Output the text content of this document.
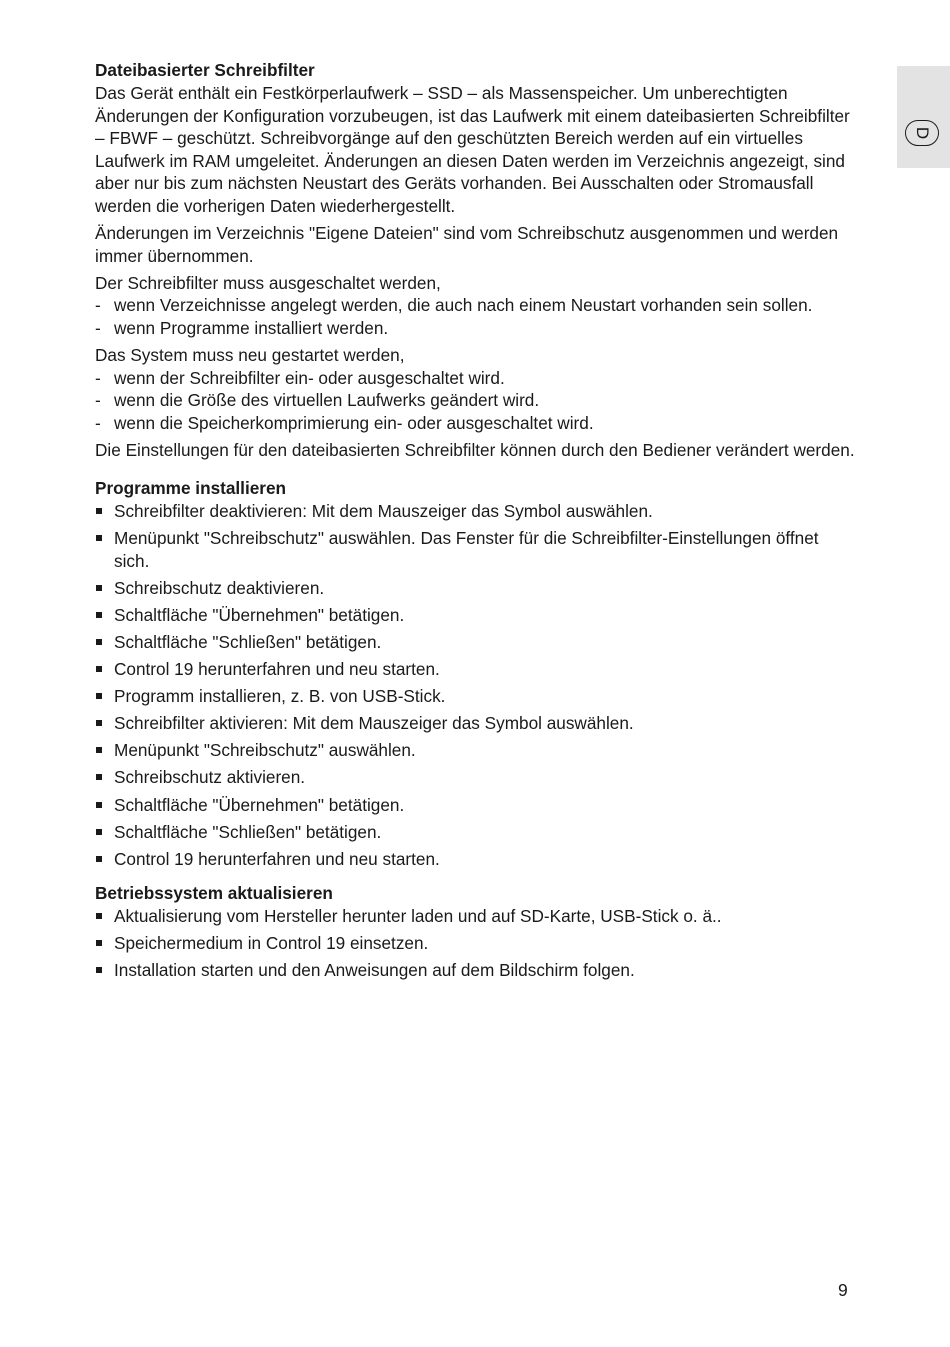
D

Dateibasierter Schreibfilter

Das Gerät enthält ein Festkörperlaufwerk – SSD – als Massenspeicher. Um unberechtigten Änderungen der Konfiguration vorzubeugen, ist das Laufwerk mit einem dateibasierten Schreibfilter – FBWF – geschützt. Schreibvorgänge auf den geschützten Bereich werden auf ein virtuelles Laufwerk im RAM umgeleitet. Änderungen an diesen Daten werden im Verzeichnis angezeigt, sind aber nur bis zum nächsten Neustart des Geräts vorhanden. Bei Ausschalten oder Stromausfall werden die vorherigen Daten wiederhergestellt.

Änderungen im Verzeichnis "Eigene Dateien" sind vom Schreibschutz ausgenommen und werden immer übernommen.

Der Schreibfilter muss ausgeschaltet werden,

- wenn Verzeichnisse angelegt werden, die auch nach einem Neustart vorhanden sein sollen.
- wenn Programme installiert werden.

Das System muss neu gestartet werden,

- wenn der Schreibfilter ein- oder ausgeschaltet wird.
- wenn die Größe des virtuellen Laufwerks geändert wird.
- wenn die Speicherkomprimierung ein- oder ausgeschaltet wird.

Die Einstellungen für den dateibasierten Schreibfilter können durch den Bediener verändert werden.

Programme installieren

Schreibfilter deaktivieren: Mit dem Mauszeiger das Symbol auswählen.
Menüpunkt "Schreibschutz" auswählen. Das Fenster für die Schreibfilter-Einstellungen öffnet sich.
Schreibschutz deaktivieren.
Schaltfläche "Übernehmen" betätigen.
Schaltfläche "Schließen" betätigen.
Control 19 herunterfahren und neu starten.
Programm installieren, z. B. von USB-Stick.
Schreibfilter aktivieren: Mit dem Mauszeiger das Symbol auswählen.
Menüpunkt "Schreibschutz" auswählen.
Schreibschutz aktivieren.
Schaltfläche "Übernehmen" betätigen.
Schaltfläche "Schließen" betätigen.
Control 19 herunterfahren und neu starten.

Betriebssystem aktualisieren

Aktualisierung vom Hersteller herunter laden und auf SD-Karte, USB-Stick o. ä..
Speichermedium in Control 19 einsetzen.
Installation starten und den Anweisungen auf dem Bildschirm folgen.
9
